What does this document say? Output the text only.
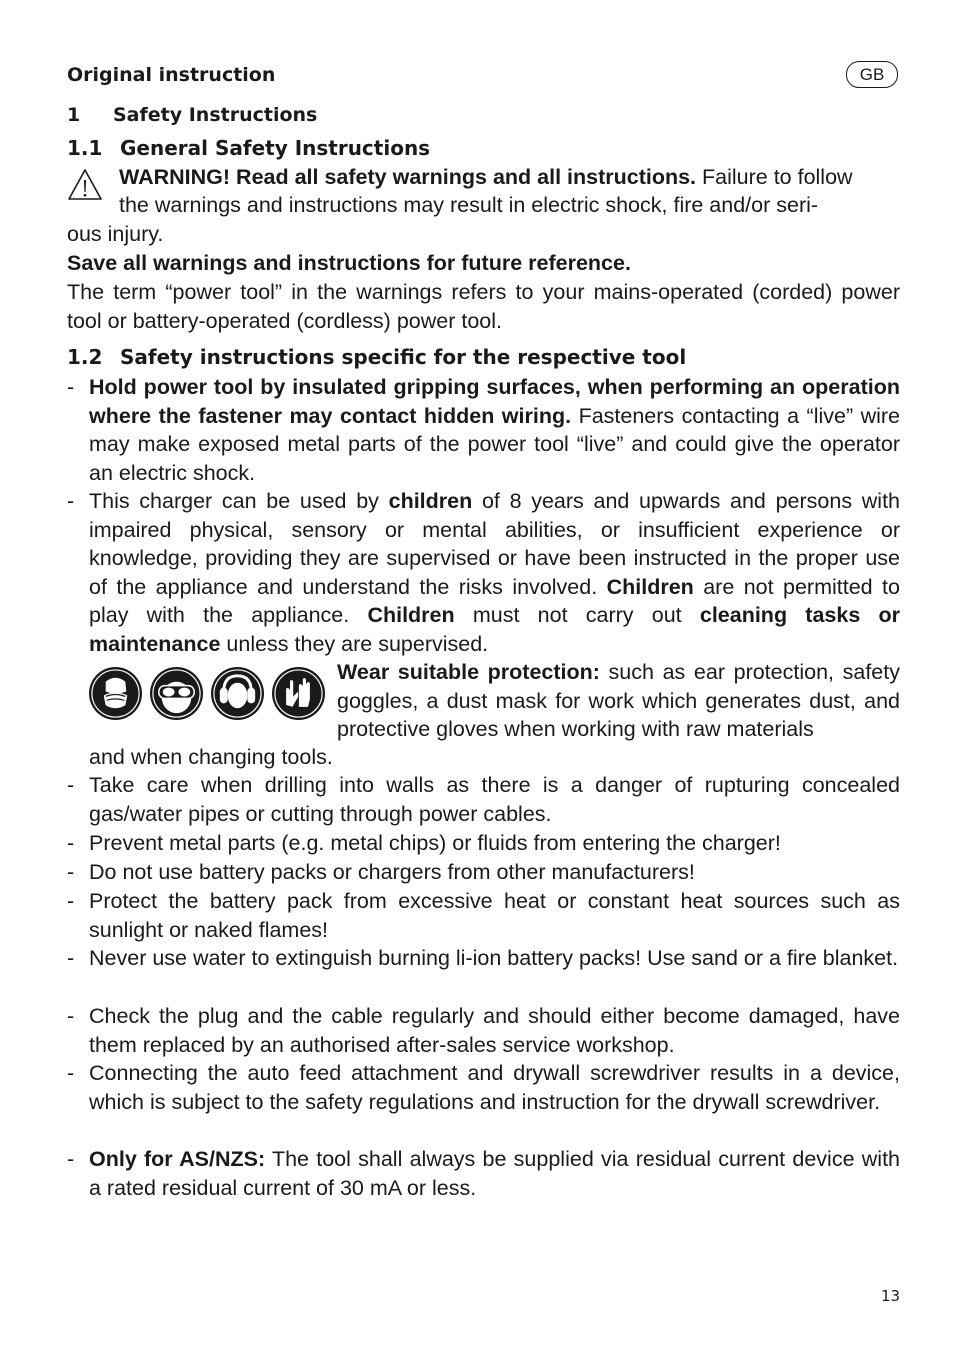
Original instruction	GB
1 Safety Instructions
1.1 General Safety Instructions
WARNING! Read all safety warnings and all instructions. Failure to follow
the warnings and instructions may result in electric shock, fire and/or seri-
ous injury.
Save all warnings and instructions for future reference.
The term “power tool” in the warnings refers to your mains-operated (corded) power tool or battery-operated (cordless) power tool.
1.2 Safety instructions specific for the respective tool
- Hold power tool by insulated gripping surfaces, when performing an operation where the fastener may contact hidden wiring. Fasteners contacting a “live” wire may make exposed metal parts of the power tool “live” and could give the operator an electric shock.
- This charger can be used by children of 8 years and upwards and persons with impaired physical, sensory or mental abilities, or insufficient experience or knowledge, providing they are supervised or have been instructed in the proper use of the appliance and understand the risks involved. Children are not permitted to play with the appliance. Children must not carry out cleaning tasks or maintenance unless they are supervised.
Wear suitable protection: such as ear protection, safety goggles, a dust mask for work which generates dust, and protective gloves when working with raw materials
and when changing tools.
- Take care when drilling into walls as there is a danger of rupturing concealed gas/water pipes or cutting through power cables.
- Prevent metal parts (e.g. metal chips) or fluids from entering the charger!
- Do not use battery packs or chargers from other manufacturers!
- Protect the battery pack from excessive heat or constant heat sources such as sunlight or naked flames!
- Never use water to extinguish burning li-ion battery packs! Use sand or a fire blanket.
- Check the plug and the cable regularly and should either become damaged, have them replaced by an authorised after-sales service workshop.
- Connecting the auto feed attachment and drywall screwdriver results in a device, which is subject to the safety regulations and instruction for the drywall screwdriver.
- Only for AS/NZS: The tool shall always be supplied via residual current device with a rated residual current of 30 mA or less.
13
